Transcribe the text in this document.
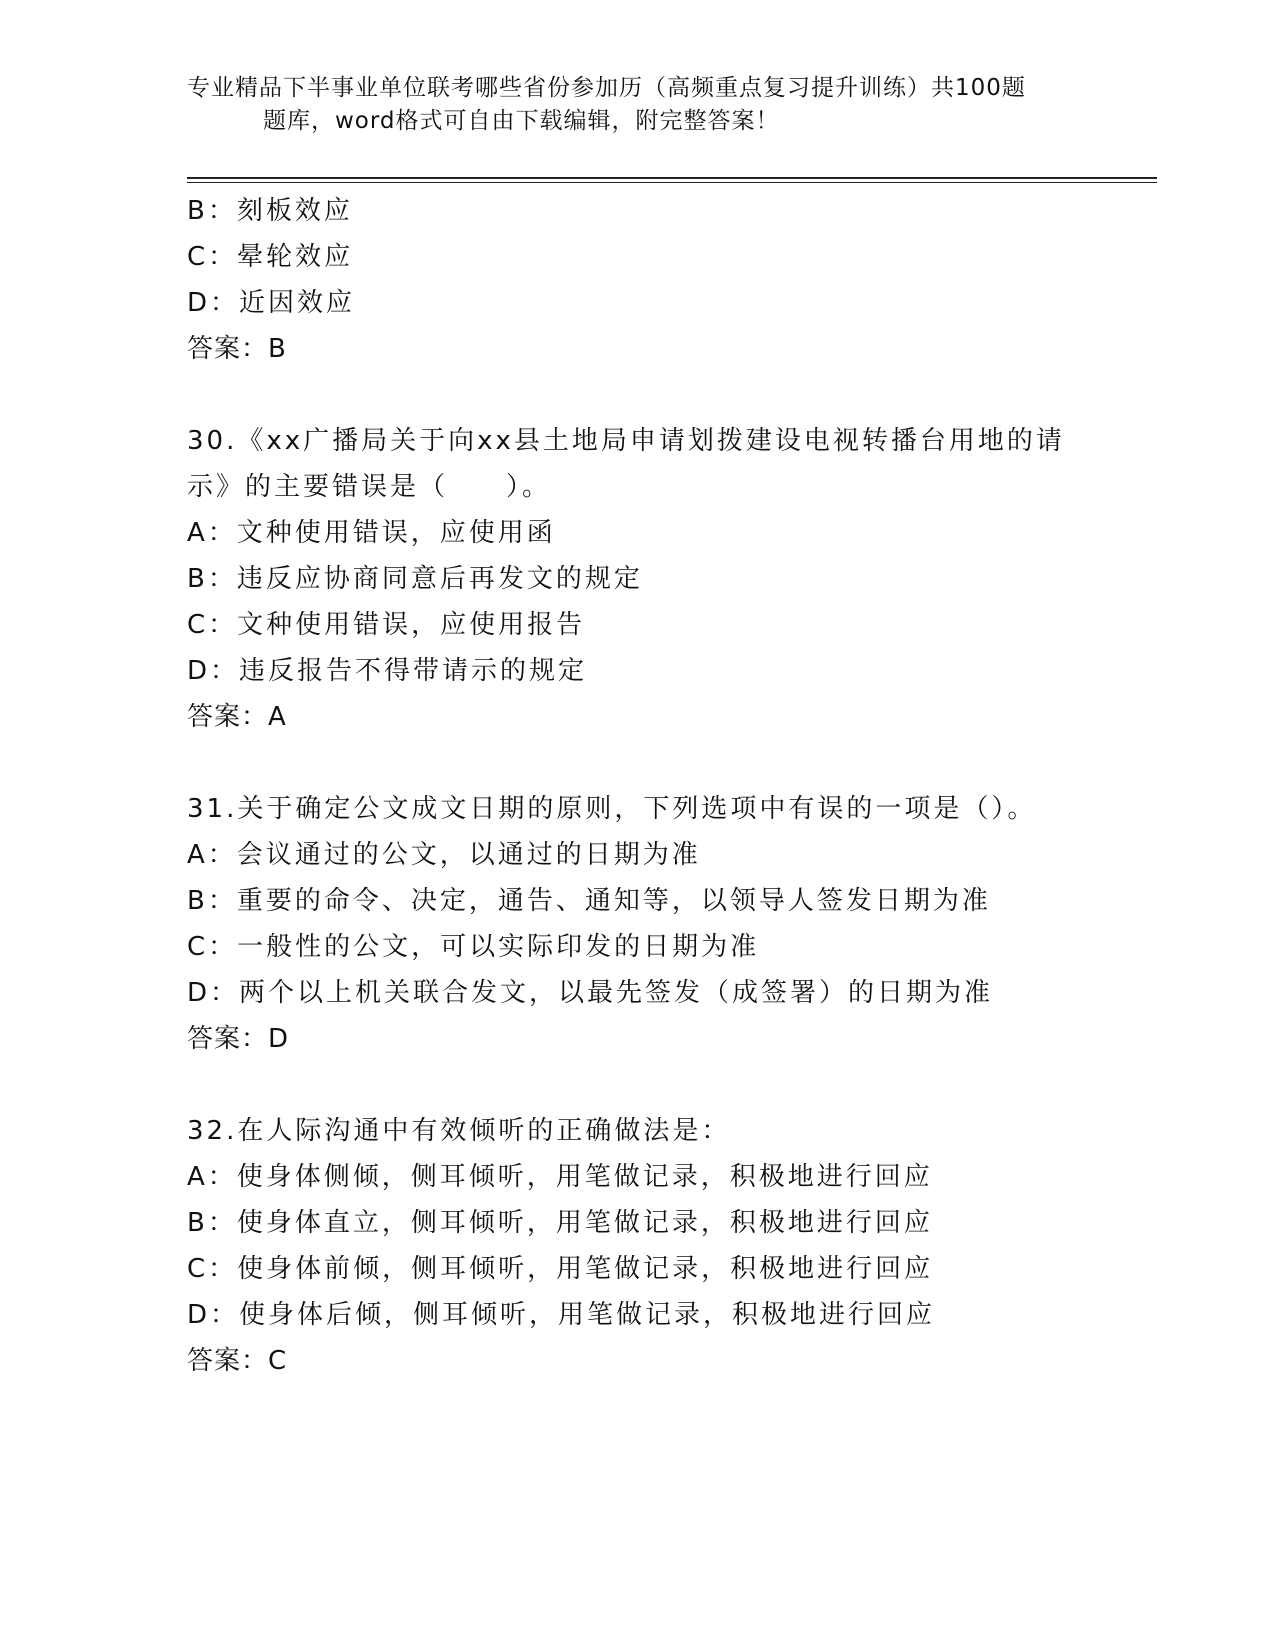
专业精品下半事业单位联考哪些省份参加历（高频重点复习提升训练）共100题
题库，word格式可自由下载编辑，附完整答案！
B：刻板效应
C：晕轮效应
D：近因效应
答案：B
30.《xx广播局关于向xx县土地局申请划拨建设电视转播台用地的请
示》的主要错误是（　　）。
A：文种使用错误，应使用函
B：违反应协商同意后再发文的规定
C：文种使用错误，应使用报告
D：违反报告不得带请示的规定
答案：A
31.关于确定公文成文日期的原则，下列选项中有误的一项是（）。
A：会议通过的公文，以通过的日期为准
B：重要的命令、决定，通告、通知等，以领导人签发日期为准
C：一般性的公文，可以实际印发的日期为准
D：两个以上机关联合发文，以最先签发（成签署）的日期为准
答案：D
32.在人际沟通中有效倾听的正确做法是：
A：使身体侧倾，侧耳倾听，用笔做记录，积极地进行回应
B：使身体直立，侧耳倾听，用笔做记录，积极地进行回应
C：使身体前倾，侧耳倾听，用笔做记录，积极地进行回应
D：使身体后倾，侧耳倾听，用笔做记录，积极地进行回应
答案：C
